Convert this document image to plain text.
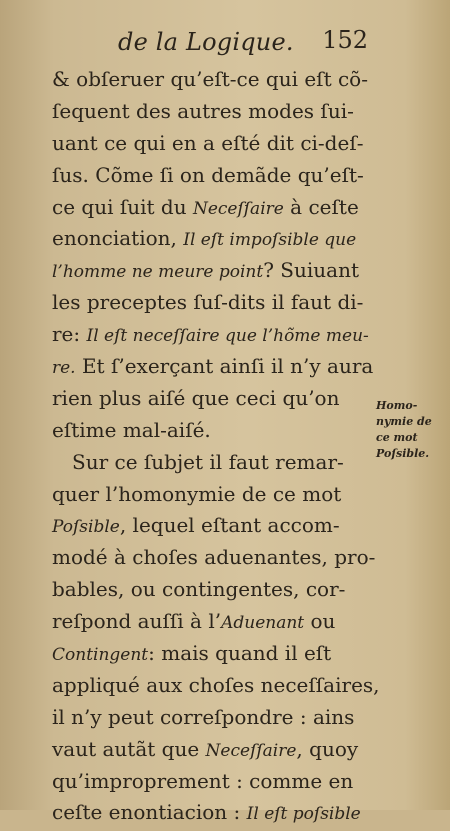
de la Logique. 152
& obſeruer qu’eſt-ce qui eſt cõ-
ſequent des autres modes ſui-
uant ce qui en a eſté dit ci-deſ-
ſus. Cõme ſi on demãde qu’eſt-
ce qui ſuit du Neceſſaire à ceſte
enonciation, Il eſt impoſsible que
l’homme ne meure point? Suiuant
les preceptes ſuſ-dits il faut di-
re: Il eſt neceſſaire que l’hõme meu-
re. Et ſ’exerçant ainſi il n’y aura
rien plus aiſé que ceci qu’on
eſtime mal-aiſé.
Sur ce ſubjet il faut remar-
quer l’homonymie de ce mot
Poſsible, lequel eſtant accom-
modé à choſes aduenantes, pro-
bables, ou contingentes, cor-
reſpond auſſi à l’Aduenant ou
Contingent: mais quand il eſt
appliqué aux choſes neceſſaires,
il n’y peut correſpondre : ains
vaut autãt que Neceſſaire, quoy
qu’improprement : comme en
ceſte enontiacion : Il eſt poſsible
Homo-
nymie de
ce mot
Poſsible.
